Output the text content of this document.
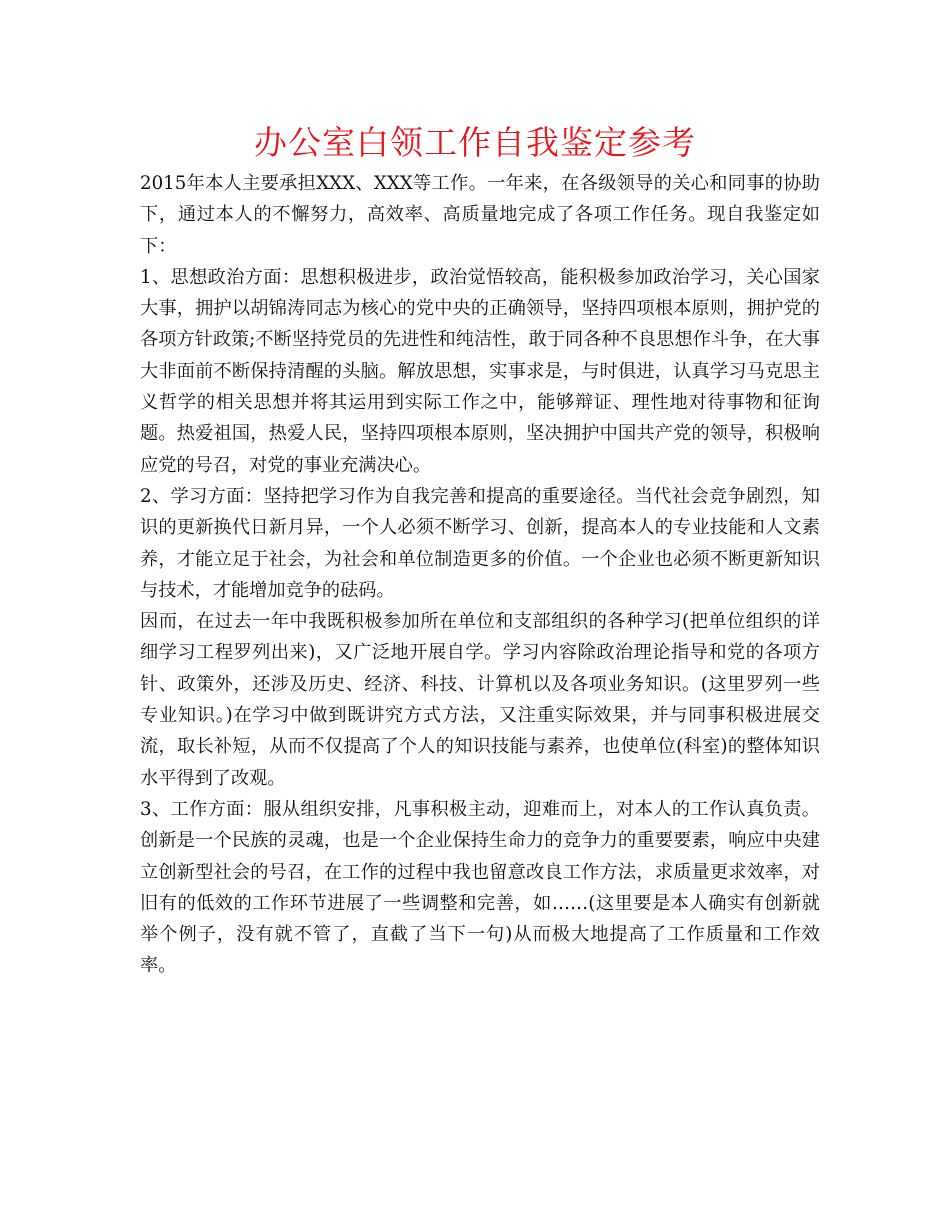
办公室白领工作自我鉴定参考

2015年本人主要承担XXX、XXX等工作。一年来，在各级领导的关心和同事的协助下，通过本人的不懈努力，高效率、高质量地完成了各项工作任务。现自我鉴定如下：

1、思想政治方面：思想积极进步，政治觉悟较高，能积极参加政治学习，关心国家大事，拥护以胡锦涛同志为核心的党中央的正确领导，坚持四项根本原则，拥护党的各项方针政策;不断坚持党员的先进性和纯洁性，敢于同各种不良思想作斗争，在大事大非面前不断保持清醒的头脑。解放思想，实事求是，与时俱进，认真学习马克思主义哲学的相关思想并将其运用到实际工作之中，能够辩证、理性地对待事物和征询题。热爱祖国，热爱人民，坚持四项根本原则，坚决拥护中国共产党的领导，积极响应党的号召，对党的事业充满决心。

2、学习方面：坚持把学习作为自我完善和提高的重要途径。当代社会竞争剧烈，知识的更新换代日新月异，一个人必须不断学习、创新，提高本人的专业技能和人文素养，才能立足于社会，为社会和单位制造更多的价值。一个企业也必须不断更新知识与技术，才能增加竞争的砝码。

因而，在过去一年中我既积极参加所在单位和支部组织的各种学习(把单位组织的详细学习工程罗列出来)，又广泛地开展自学。学习内容除政治理论指导和党的各项方针、政策外，还涉及历史、经济、科技、计算机以及各项业务知识。(这里罗列一些专业知识。)在学习中做到既讲究方式方法，又注重实际效果，并与同事积极进展交流，取长补短，从而不仅提高了个人的知识技能与素养，也使单位(科室)的整体知识水平得到了改观。

3、工作方面：服从组织安排，凡事积极主动，迎难而上，对本人的工作认真负责。创新是一个民族的灵魂，也是一个企业保持生命力的竞争力的重要要素，响应中央建立创新型社会的号召，在工作的过程中我也留意改良工作方法，求质量更求效率，对旧有的低效的工作环节进展了一些调整和完善，如……(这里要是本人确实有创新就举个例子，没有就不管了，直截了当下一句)从而极大地提高了工作质量和工作效率。
